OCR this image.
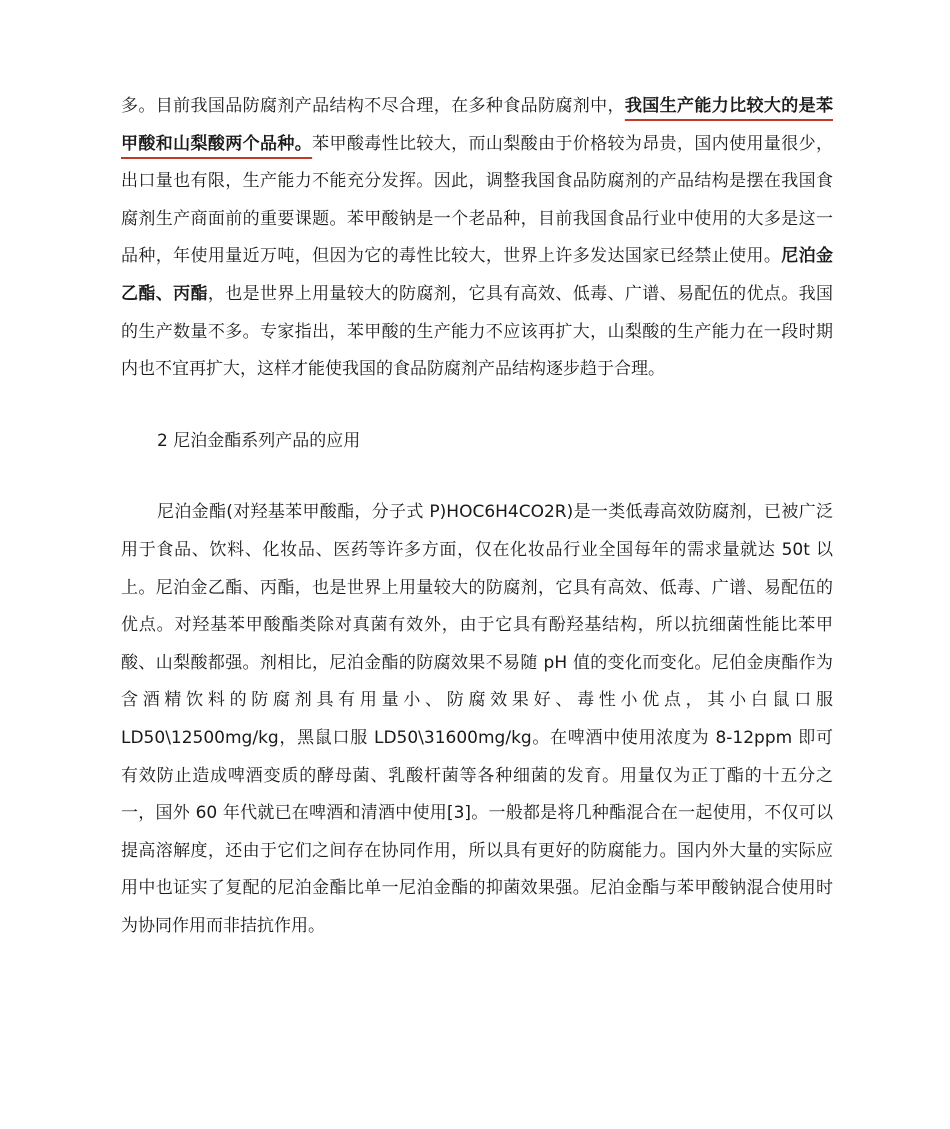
多。目前我国品防腐剂产品结构不尽合理，在多种食品防腐剂中，我国生产能力比较大的是苯甲酸和山梨酸两个品种。苯甲酸毒性比较大，而山梨酸由于价格较为昂贵，国内使用量很少，出口量也有限，生产能力不能充分发挥。因此，调整我国食品防腐剂的产品结构是摆在我国食腐剂生产商面前的重要课题。苯甲酸钠是一个老品种，目前我国食品行业中使用的大多是这一品种，年使用量近万吨，但因为它的毒性比较大，世界上许多发达国家已经禁止使用。尼泊金乙酯、丙酯，也是世界上用量较大的防腐剂，它具有高效、低毒、广谱、易配伍的优点。我国的生产数量不多。专家指出，苯甲酸的生产能力不应该再扩大，山梨酸的生产能力在一段时期内也不宜再扩大，这样才能使我国的食品防腐剂产品结构逐步趋于合理。

2 尼泊金酯系列产品的应用

尼泊金酯(对羟基苯甲酸酯，分子式 P)HOC6H4CO2R)是一类低毒高效防腐剂，已被广泛用于食品、饮料、化妆品、医药等许多方面，仅在化妆品行业全国每年的需求量就达 50t 以上。尼泊金乙酯、丙酯，也是世界上用量较大的防腐剂，它具有高效、低毒、广谱、易配伍的优点。对羟基苯甲酸酯类除对真菌有效外，由于它具有酚羟基结构，所以抗细菌性能比苯甲酸、山梨酸都强。剂相比，尼泊金酯的防腐效果不易随 pH 值的变化而变化。尼伯金庚酯作为含酒精饮料的防腐剂具有用量小、防腐效果好、毒性小优点，其小白鼠口服 LD50\12500mg/kg，黑鼠口服 LD50\31600mg/kg。在啤酒中使用浓度为 8-12ppm 即可有效防止造成啤酒变质的酵母菌、乳酸杆菌等各种细菌的发育。用量仅为正丁酯的十五分之一，国外 60 年代就已在啤酒和清酒中使用[3]。一般都是将几种酯混合在一起使用，不仅可以提高溶解度，还由于它们之间存在协同作用，所以具有更好的防腐能力。国内外大量的实际应用中也证实了复配的尼泊金酯比单一尼泊金酯的抑菌效果强。尼泊金酯与苯甲酸钠混合使用时为协同作用而非拮抗作用。
